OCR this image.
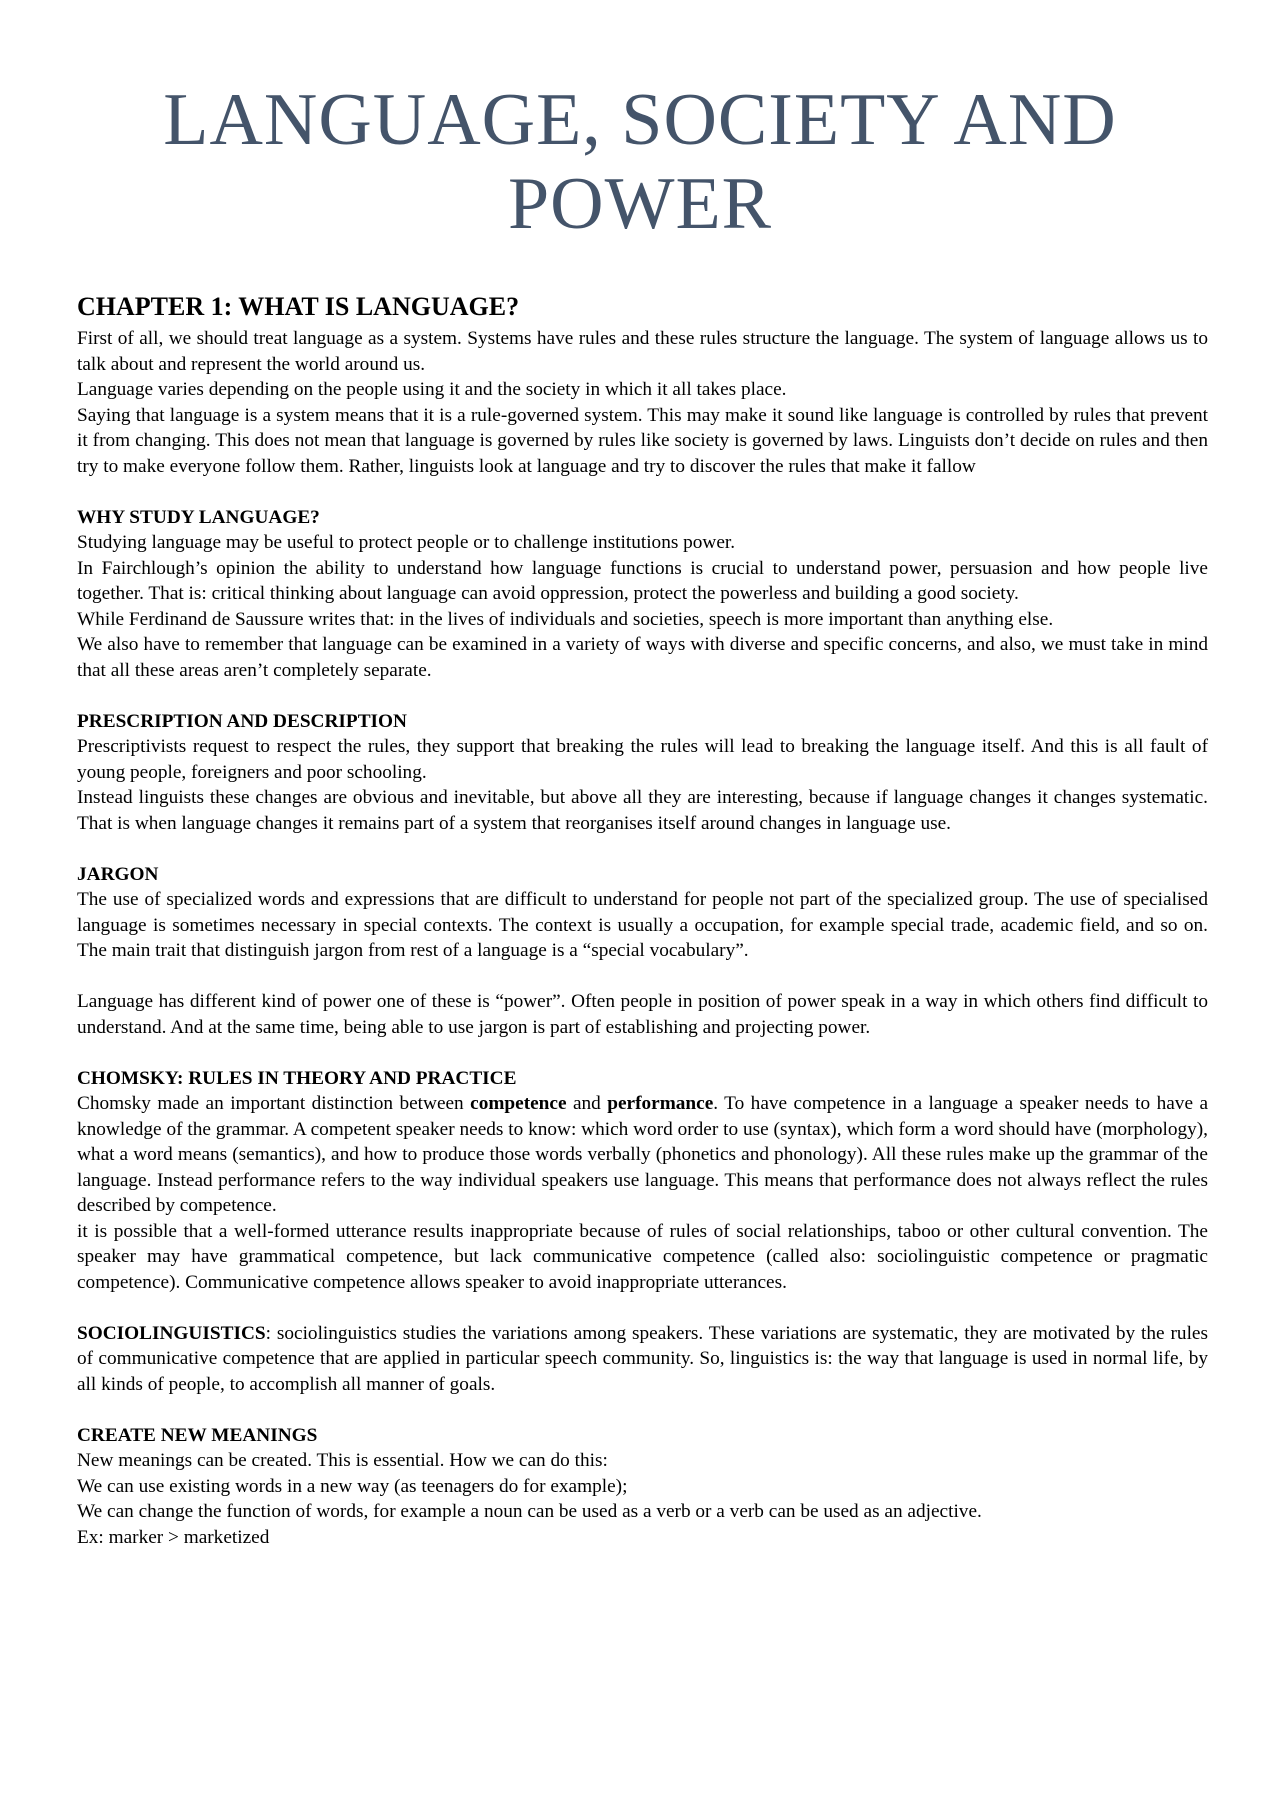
LANGUAGE, SOCIETY AND
POWER
CHAPTER 1: WHAT IS LANGUAGE?

First of all, we should treat language as a system. Systems have rules and these rules structure the language. The system of language allows us to talk about and represent the world around us.

Language varies depending on the people using it and the society in which it all takes place.

Saying that language is a system means that it is a rule-governed system. This may make it sound like language is controlled by rules that prevent it from changing. This does not mean that language is governed by rules like society is governed by laws. Linguists don’t decide on rules and then try to make everyone follow them. Rather, linguists look at language and try to discover the rules that make it fallow

WHY STUDY LANGUAGE?

Studying language may be useful to protect people or to challenge institutions power.

In Fairchlough’s opinion the ability to understand how language functions is crucial to understand power, persuasion and how people live together. That is: critical thinking about language can avoid oppression, protect the powerless and building a good society.

While Ferdinand de Saussure writes that: in the lives of individuals and societies, speech is more important than anything else.

We also have to remember that language can be examined in a variety of ways with diverse and specific concerns, and also, we must take in mind that all these areas aren’t completely separate.

PRESCRIPTION AND DESCRIPTION

Prescriptivists request to respect the rules, they support that breaking the rules will lead to breaking the language itself. And this is all fault of young people, foreigners and poor schooling.

Instead linguists these changes are obvious and inevitable, but above all they are interesting, because if language changes it changes systematic. That is when language changes it remains part of a system that reorganises itself around changes in language use.

JARGON

The use of specialized words and expressions that are difficult to understand for people not part of the specialized group. The use of specialised language is sometimes necessary in special contexts. The context is usually a occupation, for example special trade, academic field, and so on. The main trait that distinguish jargon from rest of a language is a “special vocabulary”.

Language has different kind of power one of these is “power”. Often people in position of power speak in a way in which others find difficult to understand. And at the same time, being able to use jargon is part of establishing and projecting power.

CHOMSKY: RULES IN THEORY AND PRACTICE

Chomsky made an important distinction between competence and performance. To have competence in a language a speaker needs to have a knowledge of the grammar. A competent speaker needs to know: which word order to use (syntax), which form a word should have (morphology), what a word means (semantics), and how to produce those words verbally (phonetics and phonology). All these rules make up the grammar of the language. Instead performance refers to the way individual speakers use language. This means that performance does not always reflect the rules described by competence.

it is possible that a well-formed utterance results inappropriate because of rules of social relationships, taboo or other cultural convention. The speaker may have grammatical competence, but lack communicative competence (called also: sociolinguistic competence or pragmatic competence). Communicative competence allows speaker to avoid inappropriate utterances.

SOCIOLINGUISTICS: sociolinguistics studies the variations among speakers. These variations are systematic, they are motivated by the rules of communicative competence that are applied in particular speech community. So, linguistics is: the way that language is used in normal life, by all kinds of people, to accomplish all manner of goals.

CREATE NEW MEANINGS

New meanings can be created. This is essential. How we can do this:

We can use existing words in a new way (as teenagers do for example);

We can change the function of words, for example a noun can be used as a verb or a verb can be used as an adjective.

Ex: marker > marketized
